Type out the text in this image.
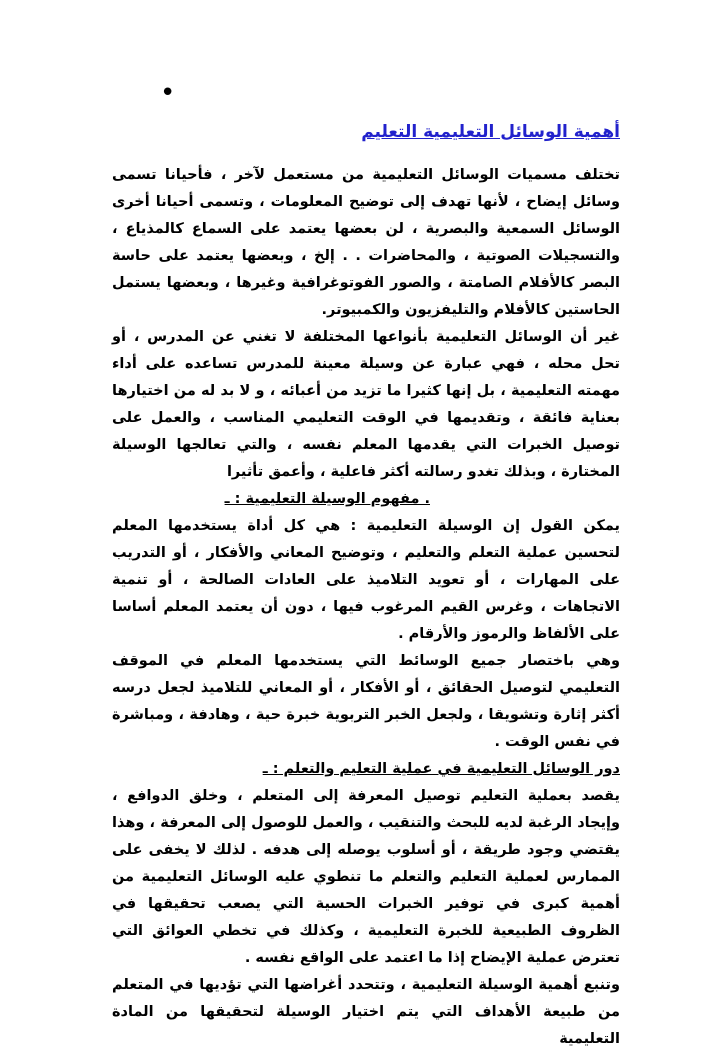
•
أهمية الوسائل التعليمية التعليم

تختلف مسميات الوسائل التعليمية من مستعمل لآخر ، فأحيانا تسمى وسائل إيضاح ، لأنها تهدف إلى توضيح المعلومات ، وتسمى أحيانا أخرى الوسائل السمعية والبصرية ، لن بعضها يعتمد على السماع كالمذياع ، والتسجيلات الصوتية ، والمحاضرات . . إلخ ، وبعضها يعتمد على حاسة البصر كالأفلام الصامتة ، والصور الفوتوغرافية وغيرها ، وبعضها يستمل الحاستين كالأفلام والتليفزيون والكمبيوتر.

غير أن الوسائل التعليمية بأنواعها المختلفة لا تغني عن المدرس ، أو تحل محله ، فهي عبارة عن وسيلة معينة للمدرس تساعده على أداء مهمته التعليمية ، بل إنها كثيرا ما تزيد من أعبائه ، و لا بد له من اختيارها بعناية فائقة ، وتقديمها في الوقت التعليمي المناسب ، والعمل على توصيل الخبرات التي يقدمها المعلم نفسه ، والتي تعالجها الوسيلة المختارة ، وبذلك تغدو رسالته أكثر فاعلية ، وأعمق تأثيرا

. مفهوم الوسيلة التعليمية : ـ

يمكن القول إن الوسيلة التعليمية : هي كل أداة يستخدمها المعلم لتحسين عملية التعلم والتعليم ، وتوضيح المعاني والأفكار ، أو التدريب على المهارات ، أو تعويد التلاميذ على العادات الصالحة ، أو تنمية الاتجاهات ، وغرس القيم المرغوب فيها ، دون أن يعتمد المعلم أساسا على الألفاظ والرموز والأرقام .

وهي باختصار جميع الوسائط التي يستخدمها المعلم في الموقف التعليمي لتوصيل الحقائق ، أو الأفكار ، أو المعاني للتلاميذ لجعل درسه أكثر إثارة وتشويقا ، ولجعل الخبر التربوية خبرة حية ، وهادفة ، ومباشرة في نفس الوقت .

دور الوسائل التعليمية في عملية التعليم والتعلم : ـ

يقصد بعملية التعليم توصيل المعرفة إلى المتعلم ، وخلق الدوافع ، وإيجاد الرغبة لديه للبحث والتنقيب ، والعمل للوصول إلى المعرفة ، وهذا يقتضي وجود طريقة ، أو أسلوب يوصله إلى هدفه . لذلك لا يخفى على الممارس لعملية التعليم والتعلم ما تنطوي عليه الوسائل التعليمية من أهمية كبرى في توفير الخبرات الحسية التي يصعب تحقيقها في الظروف الطبيعية للخبرة التعليمية ، وكذلك في تخطي العوائق التي تعترض عملية الإيضاح إذا ما اعتمد على الواقع نفسه .

وتنبع أهمية الوسيلة التعليمية ، وتتحدد أغراضها التي تؤديها في المتعلم من طبيعة الأهداف التي يتم اختيار الوسيلة لتحقيقها من المادة التعليمية
